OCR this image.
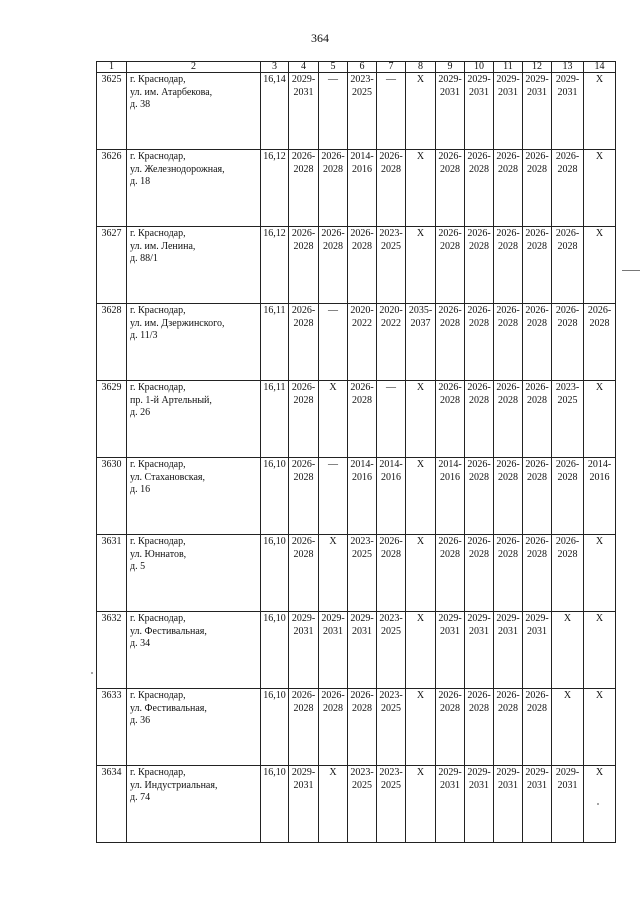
364
1	2	3	4	5	6	7	8	9	10	11	12	13	14
3625	г. Краснодар,
ул. им. Атарбекова,
д. 38	16,14	2029-
2031	—	2023-
2025	—	X	2029-
2031	2029-
2031	2029-
2031	2029-
2031	2029-
2031	X
3626	г. Краснодар,
ул. Железнодорожная,
д. 18	16,12	2026-
2028	2026-
2028	2014-
2016	2026-
2028	X	2026-
2028	2026-
2028	2026-
2028	2026-
2028	2026-
2028	X
3627	г. Краснодар,
ул. им. Ленина,
д. 88/1	16,12	2026-
2028	2026-
2028	2026-
2028	2023-
2025	X	2026-
2028	2026-
2028	2026-
2028	2026-
2028	2026-
2028	X
3628	г. Краснодар,
ул. им. Дзержинского,
д. 11/3	16,11	2026-
2028	—	2020-
2022	2020-
2022	2035-
2037	2026-
2028	2026-
2028	2026-
2028	2026-
2028	2026-
2028	2026-
2028
3629	г. Краснодар,
пр. 1-й Артельный,
д. 26	16,11	2026-
2028	X	2026-
2028	—	X	2026-
2028	2026-
2028	2026-
2028	2026-
2028	2023-
2025	X
3630	г. Краснодар,
ул. Стахановская,
д. 16	16,10	2026-
2028	—	2014-
2016	2014-
2016	X	2014-
2016	2026-
2028	2026-
2028	2026-
2028	2026-
2028	2014-
2016
3631	г. Краснодар,
ул. Юннатов,
д. 5	16,10	2026-
2028	X	2023-
2025	2026-
2028	X	2026-
2028	2026-
2028	2026-
2028	2026-
2028	2026-
2028	X
3632	г. Краснодар,
ул. Фестивальная,
д. 34	16,10	2029-
2031	2029-
2031	2029-
2031	2023-
2025	X	2029-
2031	2029-
2031	2029-
2031	2029-
2031	X	X
3633	г. Краснодар,
ул. Фестивальная,
д. 36	16,10	2026-
2028	2026-
2028	2026-
2028	2023-
2025	X	2026-
2028	2026-
2028	2026-
2028	2026-
2028	X	X
3634	г. Краснодар,
ул. Индустриальная,
д. 74	16,10	2029-
2031	X	2023-
2025	2023-
2025	X	2029-
2031	2029-
2031	2029-
2031	2029-
2031	2029-
2031	X
